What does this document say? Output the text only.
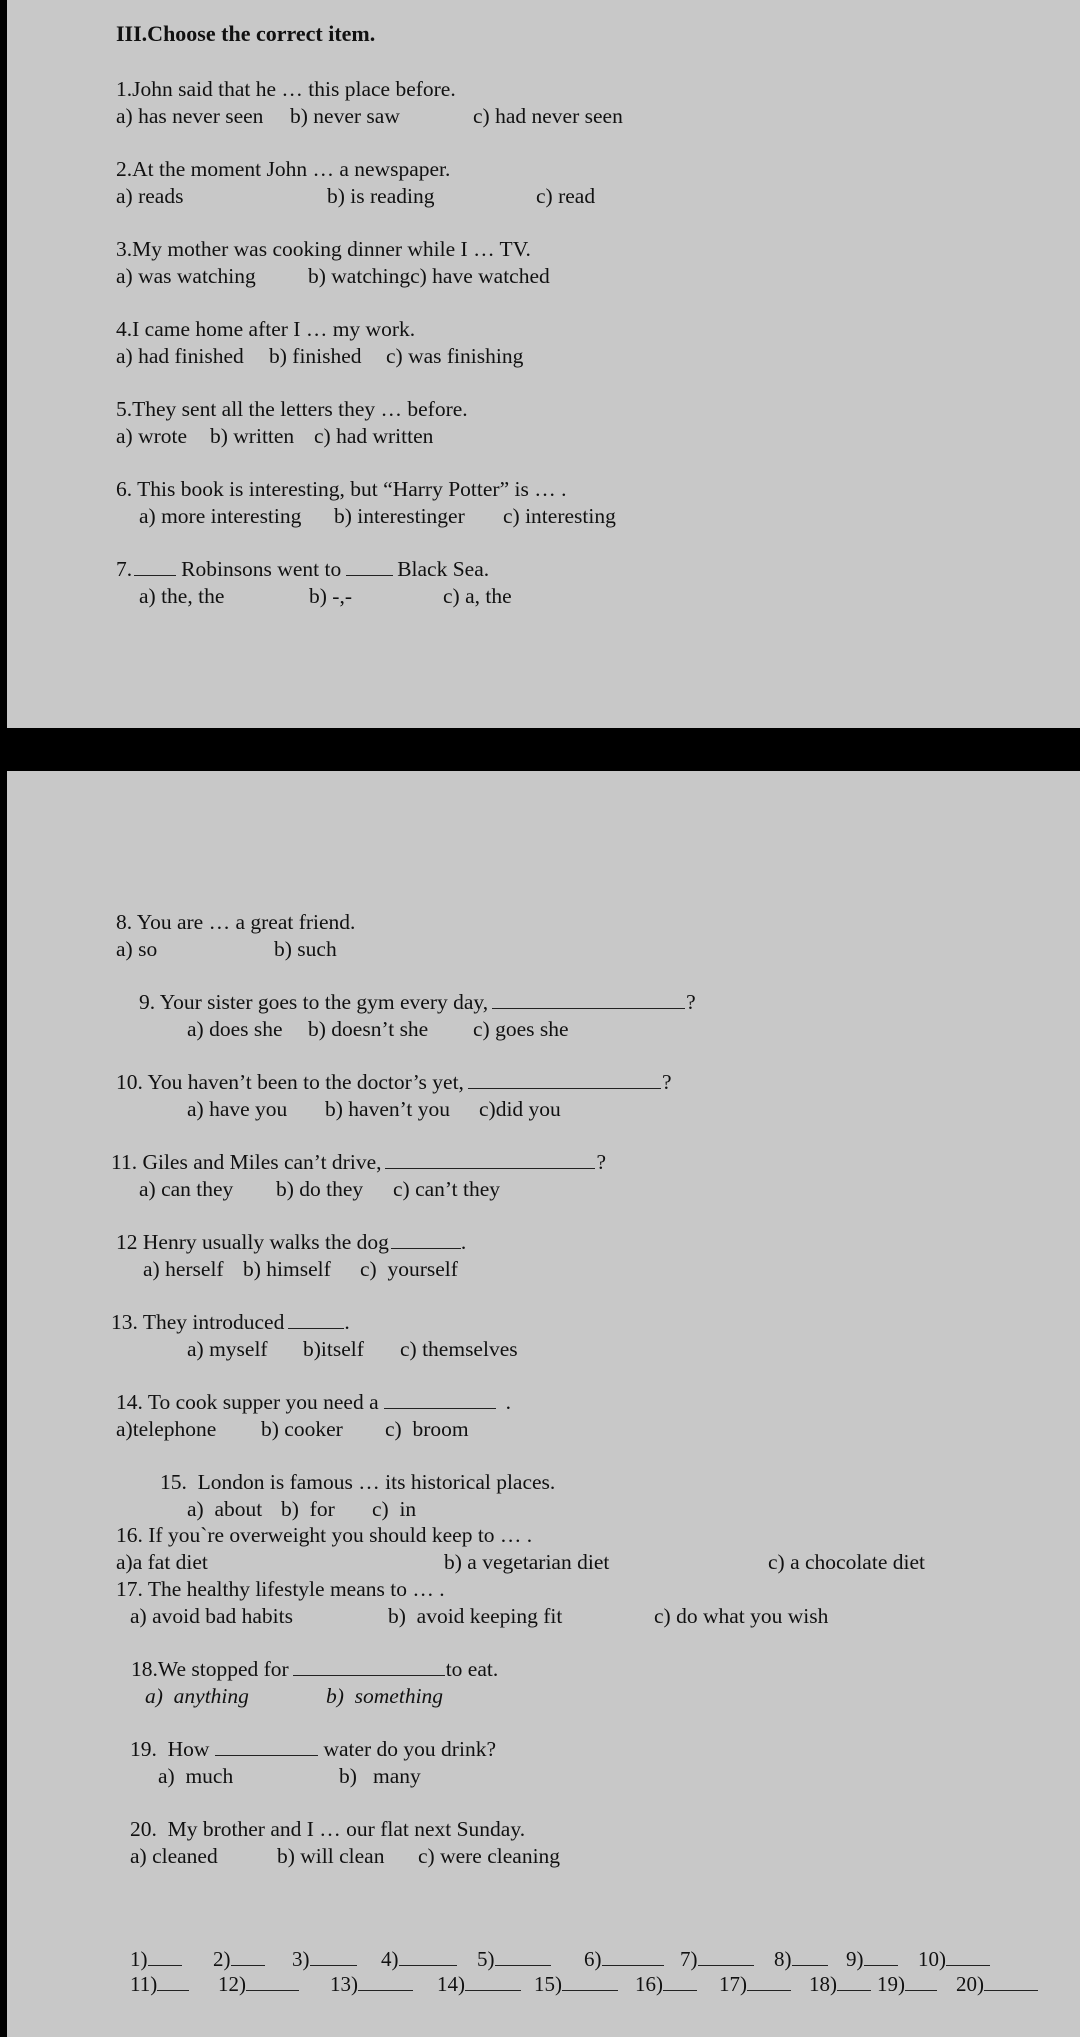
III.Choose the correct item.
1.John said that he … this place before.
a) has never seen b) never saw	c) had never seen
2.At the moment John … a newspaper.
a) reads	b) is reading	c) read
3.My mother was cooking dinner while I … TV.
a) was watching b) watchingc) have watched
4.I came home after I … my work.
a) had finished b) finished c) was finishing
5.They sent all the letters they … before.
a) wrote b) written c) had written
6. This book is interesting, but “Harry Potter” is … .
a) more interesting b) interestinger c) interesting
7. Robinsons went to	Black Sea.
a) the, the	b) -,-	c) a, the
8. You are … a great friend.
a) so	b) such
9. Your sister goes to the gym every day,	?
a) does she b) doesn’t she c) goes she
10. You haven’t been to the doctor’s yet,	?
a) have you b) haven’t you c)did you
11. Giles and Miles can’t drive,	?
a) can they b) do they c) can’t they
12 Henry usually walks the dog	.
a) herself b) himself c)  yourself
13. They introduced	.
a) myself b)itself c) themselves
14. To cook supper you need a	.
a)telephone b) cooker c)  broom
15.  London is famous … its historical places.
a)  about b)  for c)  in
16. If you`re overweight you should keep to … .
a)a fat diet	b) a vegetarian diet	c) a chocolate diet
17. The healthy lifestyle means to … .
a) avoid bad habits	b)  avoid keeping fit	c) do what you wish
18.We stopped for	to eat.
a)  anything	b)  something
19.  How	water do you drink?
a)  much	b)   many
20.  My brother and I … our flat next Sunday.
a) cleaned	b) will clean c) were cleaning
1)	2)	3)	4)	5)	6)	7)	8)	9)	10)
11)	12)	13)	14)	15)	16)	17)	18)	19)	20)
